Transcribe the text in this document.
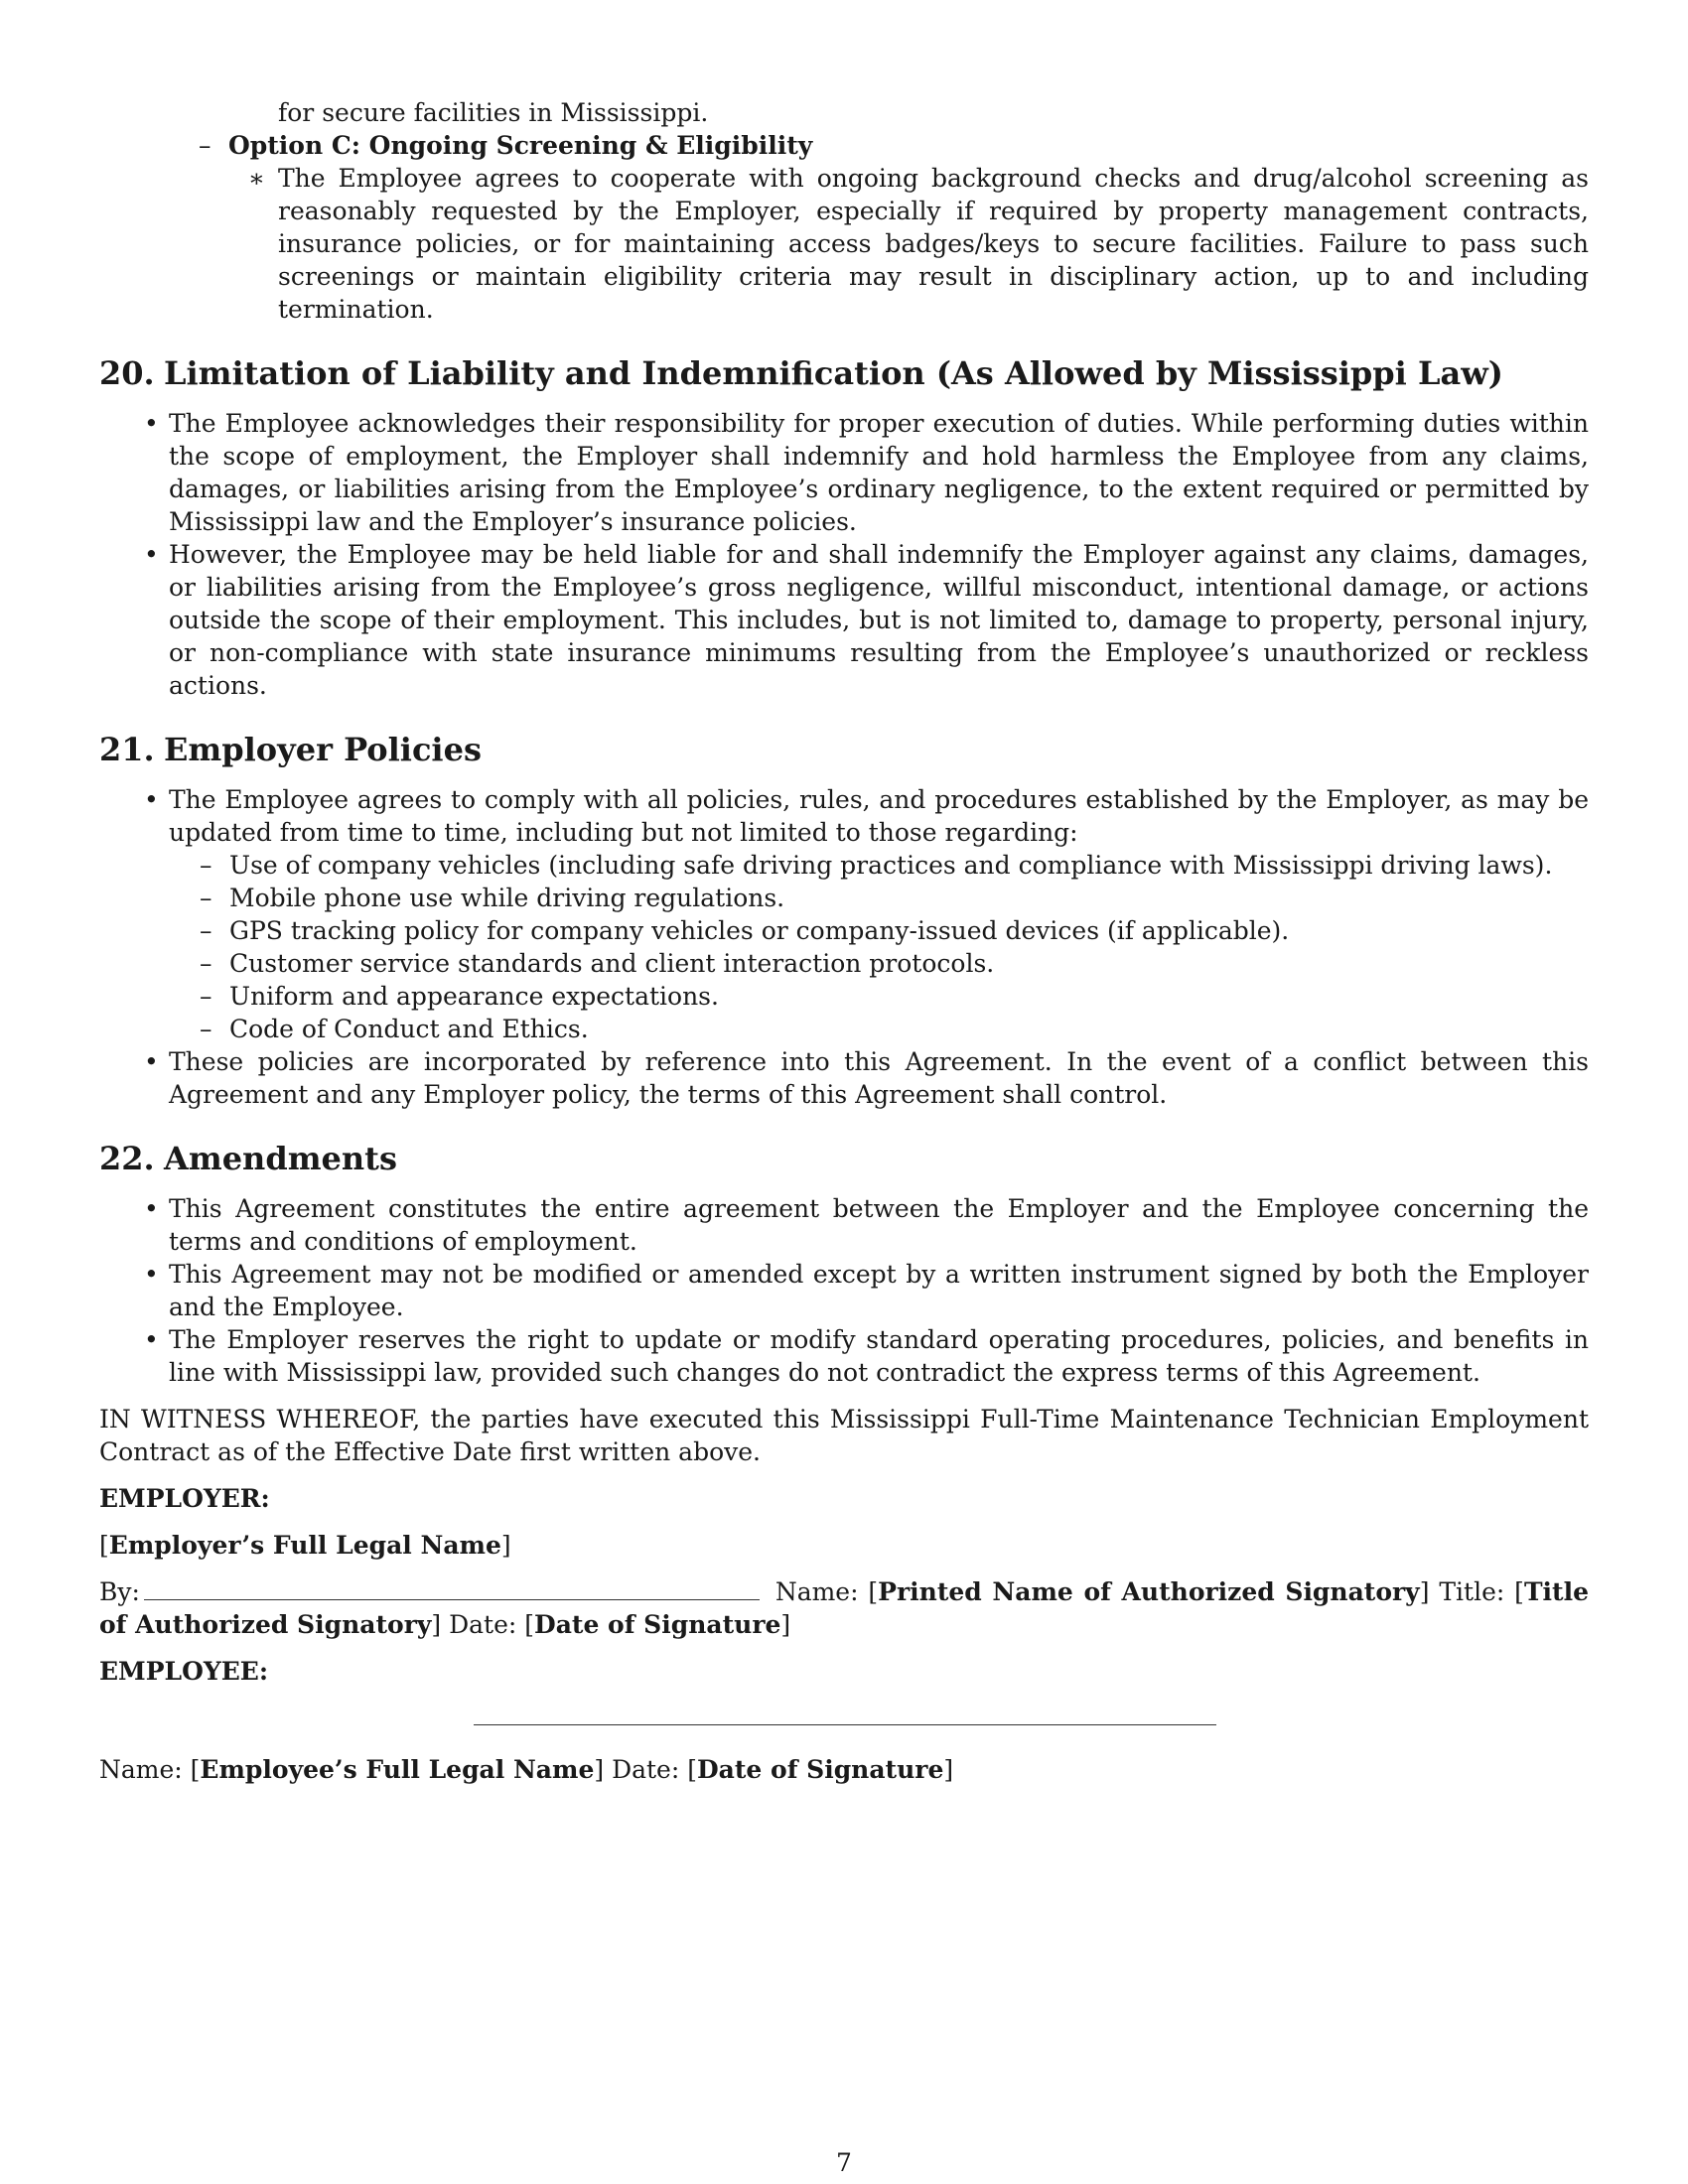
for secure facilities in Mississippi.

– Option C: Ongoing Screening & Eligibility

∗ The Employee agrees to cooperate with ongoing background checks and drug/alcohol screening as reasonably requested by the Employer, especially if required by property management contracts, insurance policies, or for maintaining access badges/keys to secure facilities. Failure to pass such screenings or maintain eligibility criteria may result in disciplinary action, up to and including termination.

20. Limitation of Liability and Indemnification (As Allowed by Mississippi Law)
• The Employee acknowledges their responsibility for proper execution of duties. While performing duties within the scope of employment, the Employer shall indemnify and hold harmless the Employee from any claims, damages, or liabilities arising from the Employee’s ordinary negligence, to the extent required or permitted by Mississippi law and the Employer’s insurance policies.

• However, the Employee may be held liable for and shall indemnify the Employer against any claims, damages, or liabilities arising from the Employee’s gross negligence, willful misconduct, intentional damage, or actions outside the scope of their employment. This includes, but is not limited to, damage to property, personal injury, or non-compliance with state insurance minimums resulting from the Employee’s unauthorized or reckless actions.

21. Employer Policies
• The Employee agrees to comply with all policies, rules, and procedures established by the Employer, as may be updated from time to time, including but not limited to those regarding:

– Use of company vehicles (including safe driving practices and compliance with Mississippi driving laws).
– Mobile phone use while driving regulations.
– GPS tracking policy for company vehicles or company-issued devices (if applicable).
– Customer service standards and client interaction protocols.
– Uniform and appearance expectations.
– Code of Conduct and Ethics.
• These policies are incorporated by reference into this Agreement. In the event of a conflict between this Agreement and any Employer policy, the terms of this Agreement shall control.

22. Amendments
• This Agreement constitutes the entire agreement between the Employer and the Employee concerning the terms and conditions of employment.

• This Agreement may not be modified or amended except by a written instrument signed by both the Employer and the Employee.

• The Employer reserves the right to update or modify standard operating procedures, policies, and benefits in line with Mississippi law, provided such changes do not contradict the express terms of this Agreement.

IN WITNESS WHEREOF, the parties have executed this Mississippi Full-Time Maintenance Technician Employment Contract as of the Effective Date first written above.

EMPLOYER:

[Employer’s Full Legal Name]

By:	Name: [Printed Name of Authorized Signatory] Title: [Title of Authorized Signatory] Date: [Date of Signature]

EMPLOYEE:

Name: [Employee’s Full Legal Name] Date: [Date of Signature]

7
